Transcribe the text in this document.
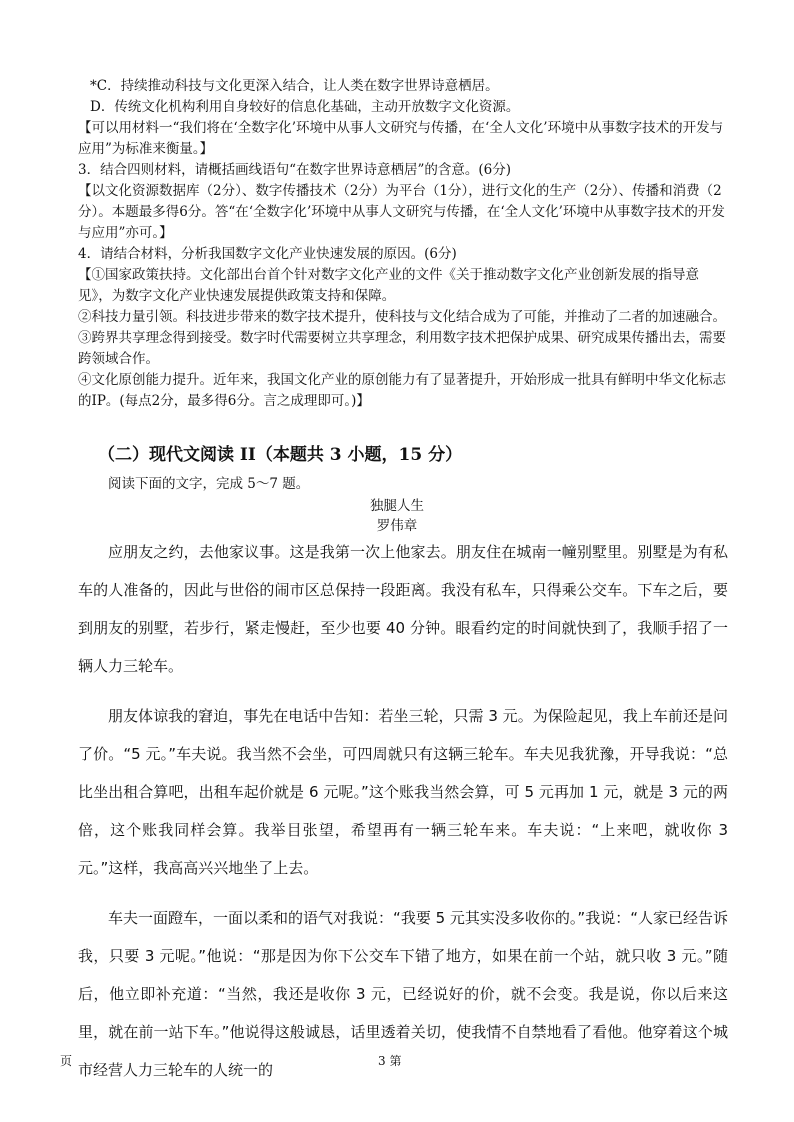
*C．持续推动科技与文化更深入结合，让人类在数字世界诗意栖居。

D．传统文化机构利用自身较好的信息化基础，主动开放数字文化资源。

【可以用材料一“我们将在‘全数字化’环境中从事人文研究与传播，在‘全人文化’环境中从事数字技术的开发与应用”为标准来衡量。】

3．结合四则材料，请概括画线语句“在数字世界诗意栖居”的含意。(6分)

【以文化资源数据库（2分）、数字传播技术（2分）为平台（1分），进行文化的生产（2分）、传播和消费（2分）。本题最多得6分。答“在‘全数字化’环境中从事人文研究与传播，在‘全人文化’环境中从事数字技术的开发与应用”亦可。】

4．请结合材料，分析我国数字文化产业快速发展的原因。(6分)

【①国家政策扶持。文化部出台首个针对数字文化产业的文件《关于推动数字文化产业创新发展的指导意见》，为数字文化产业快速发展提供政策支持和保障。

②科技力量引领。科技进步带来的数字技术提升，使科技与文化结合成为了可能，并推动了二者的加速融合。

③跨界共享理念得到接受。数字时代需要树立共享理念，利用数字技术把保护成果、研究成果传播出去，需要跨领域合作。

④文化原创能力提升。近年来，我国文化产业的原创能力有了显著提升，开始形成一批具有鲜明中华文化标志的IP。(每点2分，最多得6分。言之成理即可。)】

（二）现代文阅读 II（本题共 3 小题，15 分）
阅读下面的文字，完成 5～7 题。
独腿人生
罗伟章

应朋友之约，去他家议事。这是我第一次上他家去。朋友住在城南一幢别墅里。别墅是为有私车的人准备的，因此与世俗的闹市区总保持一段距离。我没有私车，只得乘公交车。下车之后，要到朋友的别墅，若步行，紧走慢赶，至少也要 40 分钟。眼看约定的时间就快到了，我顺手招了一辆人力三轮车。

朋友体谅我的窘迫，事先在电话中告知：若坐三轮，只需 3 元。为保险起见，我上车前还是问了价。“5 元。”车夫说。我当然不会坐，可四周就只有这辆三轮车。车夫见我犹豫，开导我说：“总比坐出租合算吧，出租车起价就是 6 元呢。”这个账我当然会算，可 5 元再加 1 元，就是 3 元的两倍，这个账我同样会算。我举目张望，希望再有一辆三轮车来。车夫说：“上来吧，就收你 3 元。”这样，我高高兴兴地坐了上去。

车夫一面蹬车，一面以柔和的语气对我说：“我要 5 元其实没多收你的。”我说：“人家已经告诉我，只要 3 元呢。”他说：“那是因为你下公交车下错了地方，如果在前一个站，就只收 3 元。”随后，他立即补充道：“当然，我还是收你 3 元，已经说好的价，就不会变。我是说，你以后来这里，就在前一站下车。”他说得这般诚恳，话里透着关切，使我情不自禁地看了看他。他穿着这个城市经营人力三轮车的人统一的

页	3 第
